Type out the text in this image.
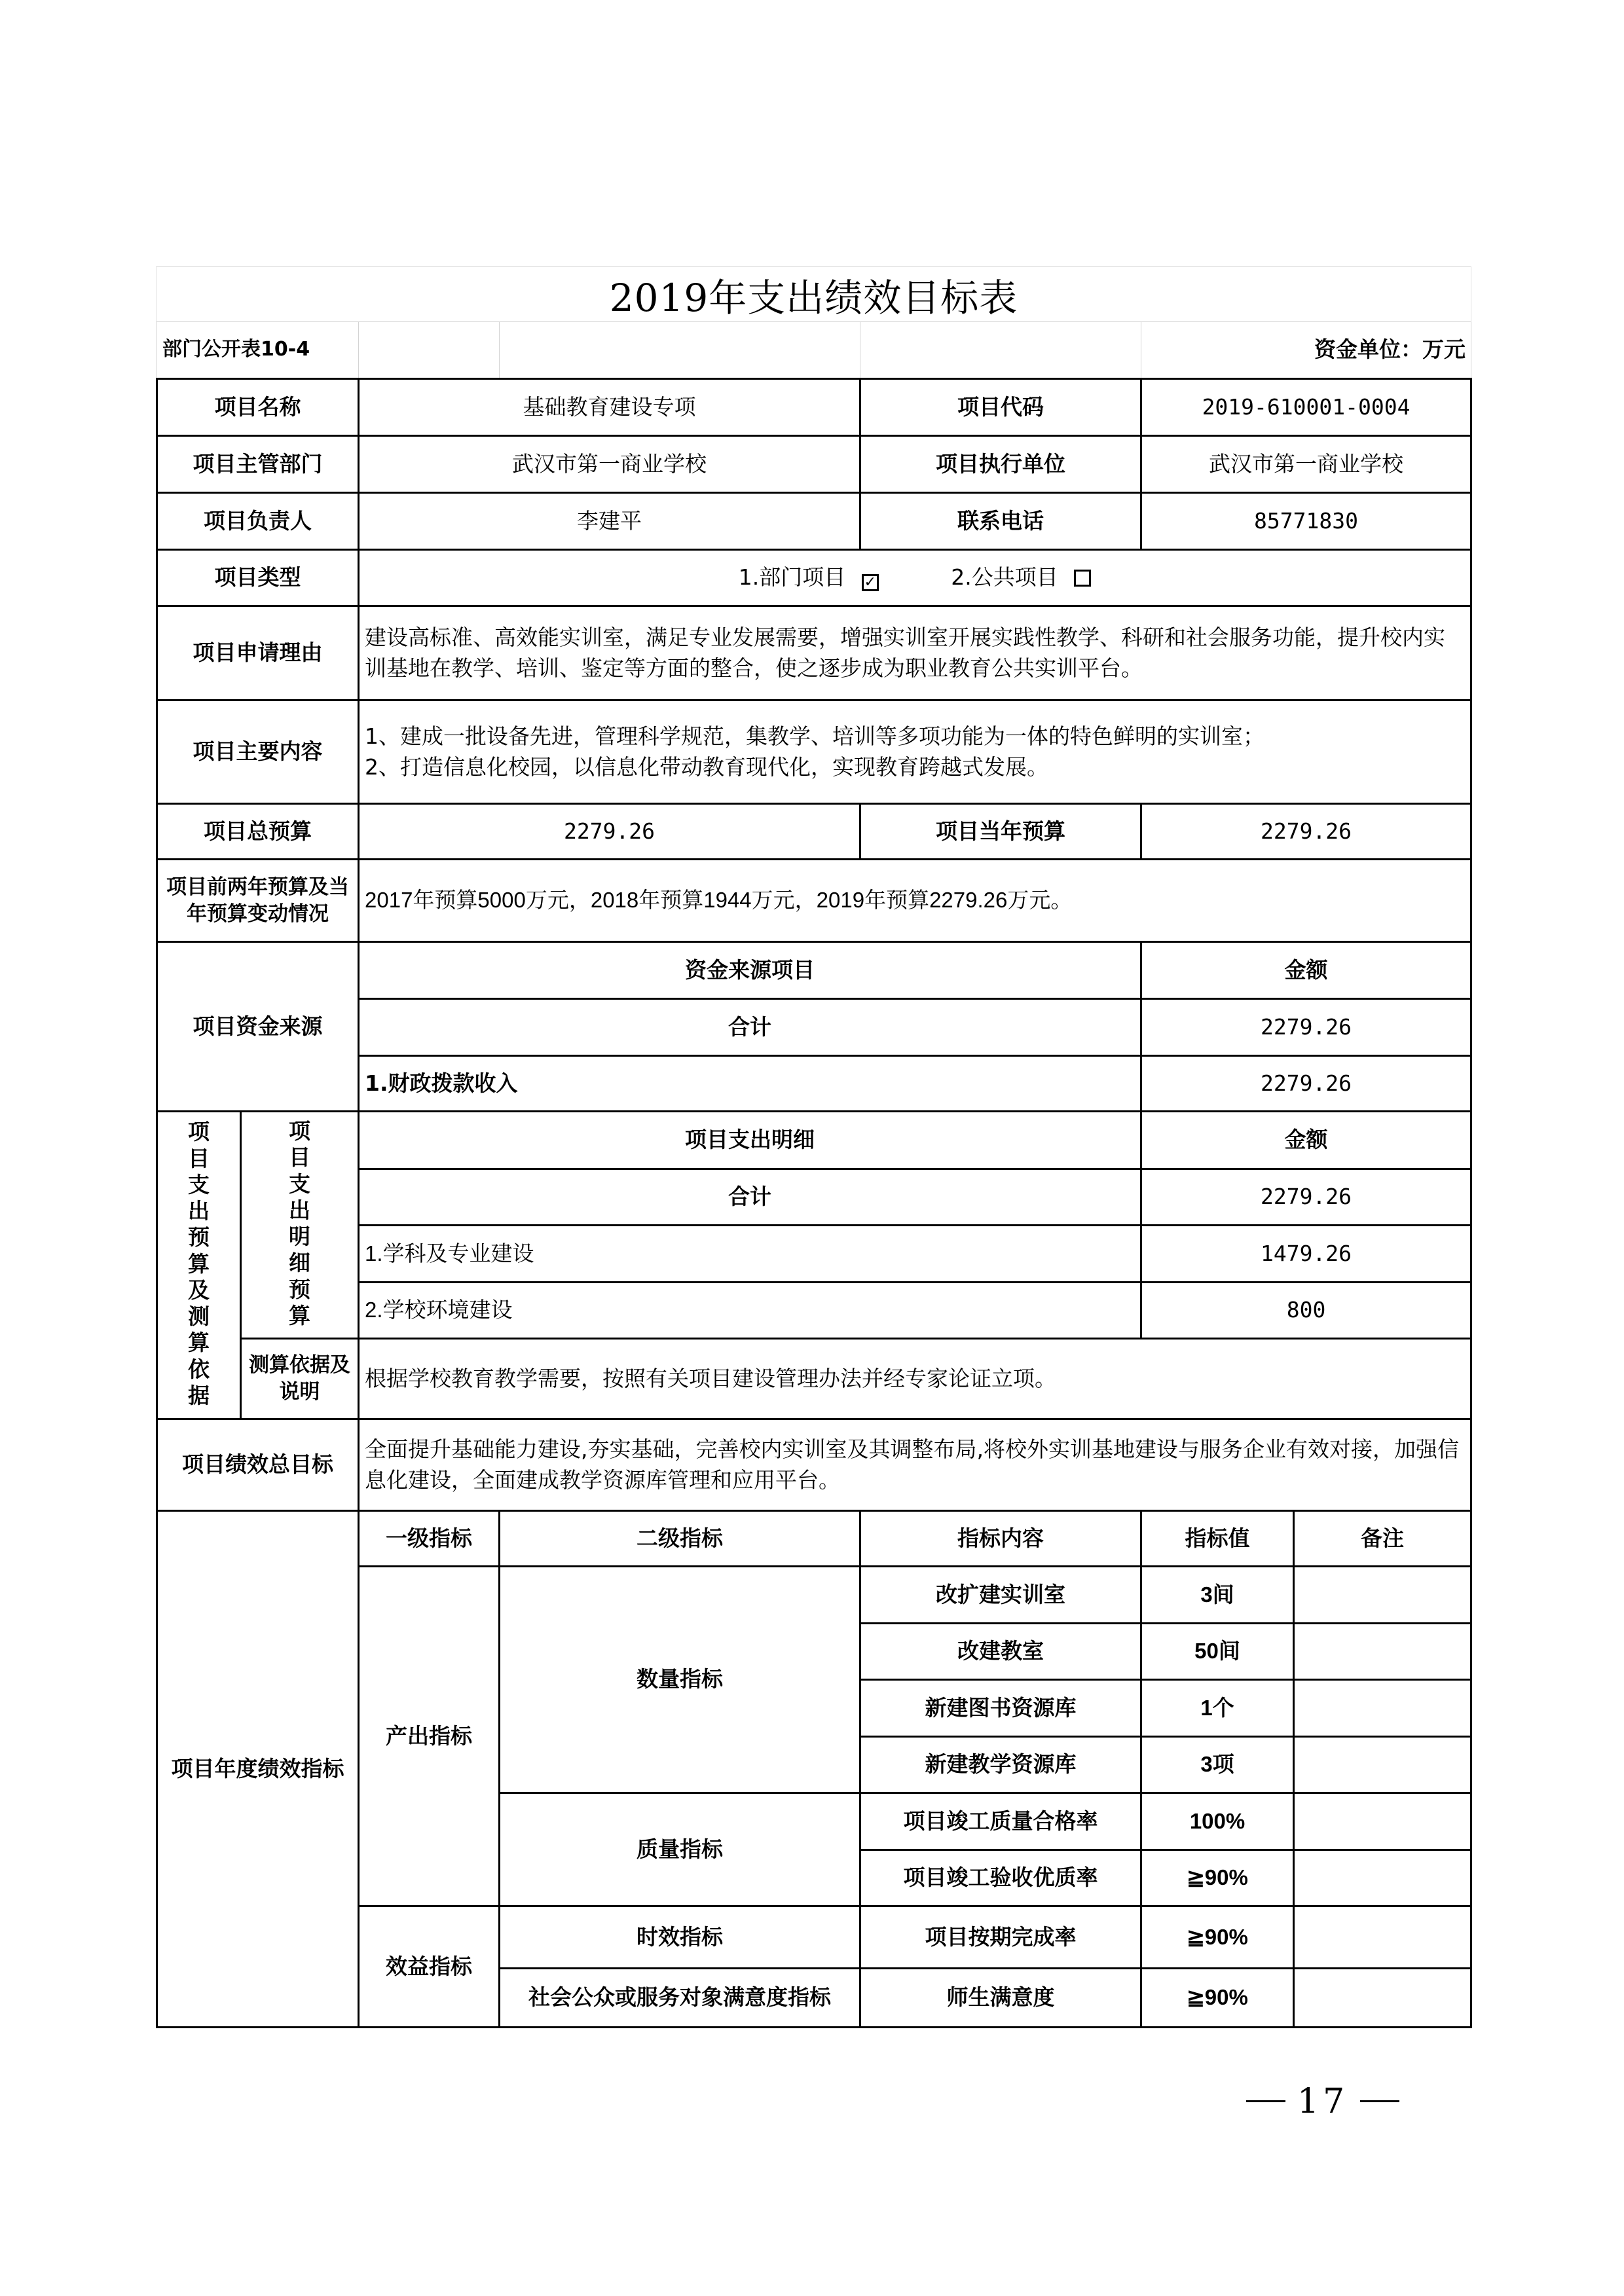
2019年支出绩效目标表
部门公开表10-4					资金单位：万元	
项目名称		基础教育建设专项		项目代码	2019-610001-0004	
项目主管部门		武汉市第一商业学校		项目执行单位	武汉市第一商业学校	
项目负责人		李建平		联系电话	85771830	
项目类型		1.部门项目 ✓ 2.公共项目
项目申请理由		建设高标准、高效能实训室，满足专业发展需要，增强实训室开展实践性教学、科研和社会服务功能，提升校内实训基地在教学、培训、鉴定等方面的整合，使之逐步成为职业教育公共实训平台。				
项目主要内容		1、建成一批设备先进，管理科学规范，集教学、培训等多项功能为一体的特色鲜明的实训室；
2、打造信息化校园，以信息化带动教育现代化，实现教育跨越式发展。				

项目总预算		2279.26		项目当年预算	2279.26	
项目前两年预算及当年预算变动情况		2017年预算5000万元，2018年预算1944万元，2019年预算2279.26万元。				
项目资金来源		资金来源项目			金额	
		合计			2279.26	
		1.财政拨款收入			2279.26	
项目支出预算及测算依据	项目支出明细预算	项目支出明细			金额	
		合计			2279.26	
		1.学科及专业建设			1479.26	
		2.学校环境建设			800	
	测算依据及说明	根据学校教育教学需要，按照有关项目建设管理办法并经专家论证立项。				
项目绩效总目标		全面提升基础能力建设,夯实基础，完善校内实训室及其调整布局,将校外实训基地建设与服务企业有效对接，加强信息化建设，全面建成教学资源库管理和应用平台。				
项目年度绩效指标		一级指标	二级指标	指标内容	指标值	备注
		产出指标	数量指标	改扩建实训室	3间	
				改建教室	50间	
				新建图书资源库	1个	
				新建教学资源库	3项	
			质量指标	项目竣工质量合格率	100%	
				项目竣工验收优质率	≧90%	
		效益指标	时效指标	项目按期完成率	≧90%	
			社会公众或服务对象满意度指标	师生满意度	≧90%	
17
